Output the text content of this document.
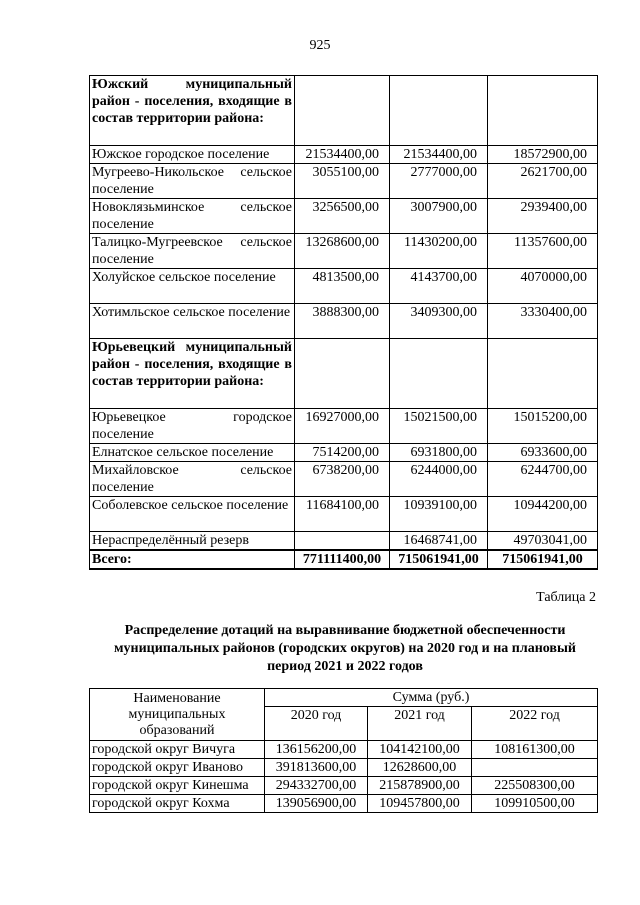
925
Южский муниципальный район - поселения, входящие в состав территории района:			
Южское городское поселение	21534400,00	21534400,00	18572900,00
Мугреево-Никольское сельское поселение	3055100,00	2777000,00	2621700,00
Новоклязьминское сельское поселение	3256500,00	3007900,00	2939400,00
Талицко-Мугреевское сельское поселение	13268600,00	11430200,00	11357600,00
Холуйское сельское поселение	4813500,00	4143700,00	4070000,00
Хотимльское сельское поселение	3888300,00	3409300,00	3330400,00
Юрьевецкий муниципальный район - поселения, входящие в состав территории района:			
Юрьевецкое городское поселение	16927000,00	15021500,00	15015200,00
Елнатское сельское поселение	7514200,00	6931800,00	6933600,00
Михайловское сельское поселение	6738200,00	6244000,00	6244700,00
Соболевское сельское поселение	11684100,00	10939100,00	10944200,00
Нераспределённый резерв		16468741,00	49703041,00
Всего:	771111400,00	715061941,00	715061941,00
Таблица 2
Распределение дотаций на выравнивание бюджетной обеспеченности муниципальных районов (городских округов) на 2020 год и на плановый период 2021 и 2022 годов
Наименование муниципальных образований	Сумма (руб.)		
	2020 год	2021 год	2022 год
городской округ Вичуга	136156200,00	104142100,00	108161300,00
городской округ Иваново	391813600,00	12628600,00	
городской округ Кинешма	294332700,00	215878900,00	225508300,00
городской округ Кохма	139056900,00	109457800,00	109910500,00
